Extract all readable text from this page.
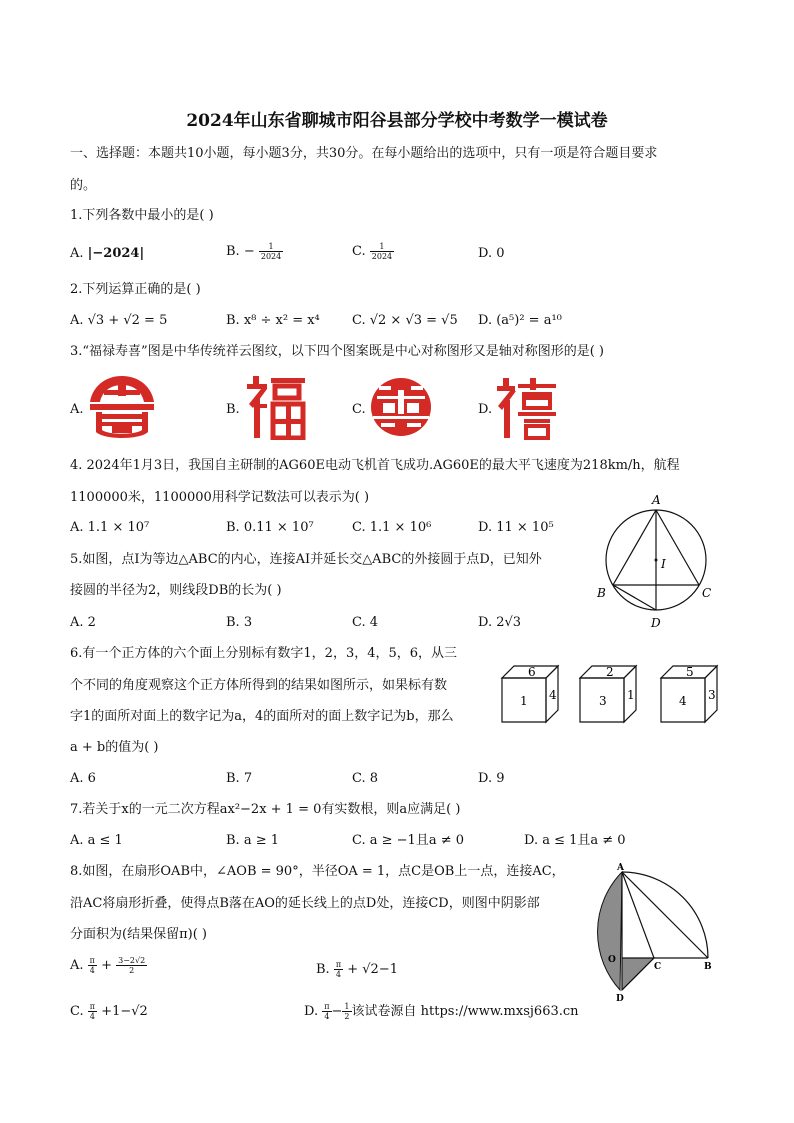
2024年山东省聊城市阳谷县部分学校中考数学一模试卷
一、选择题：本题共10小题，每小题3分，共30分。在每小题给出的选项中，只有一项是符合题目要求
的。
1.下列各数中最小的是( )
A. |−2024|	B. − $\frac{1}{2024}$	C. $\frac{1}{2024}$	D. 0
2.下列运算正确的是( )
A. √3 + √2 = 5	B. x⁸ ÷ x² = x⁴ C. √2 × √3 = √5 D. (a⁵)² = a¹⁰
3.“福禄寿喜”图是中华传统祥云图纹，以下四个图案既是中心对称图形又是轴对称图形的是( )
A.	B.	C.	D.
4. 2024年1月3日，我国自主研制的AG60E电动飞机首飞成功.AG60E的最大平飞速度为218km/h，航程
1100000米，1100000用科学记数法可以表示为( )
A. 1.1 × 10⁷	B. 0.11 × 10⁷	C. 1.1 × 10⁶	D. 11 × 10⁵
5.如图，点I为等边△ABC的内心，连接AI并延长交△ABC的外接圆于点D，已知外
接圆的半径为2，则线段DB的长为( )
A. 2	B. 3	C. 4	D. 2√3
A
I
B	C
D
6.有一个正方体的六个面上分别标有数字1，2，3，4，5，6，从三
个不同的角度观察这个正方体所得到的结果如图所示，如果标有数
字1的面所对面上的数字记为a，4的面所对的面上数字记为b，那么
a + b的值为( )
A. 6	B. 7	C. 8	D. 9
6
1 4
2
3 1
5
4 3
7.若关于x的一元二次方程ax²−2x + 1 = 0有实数根，则a应满足( )
A. a ≤ 1	B. a ≥ 1	C. a ≥ −1且a ≠ 0	D. a ≤ 1且a ≠ 0
8.如图，在扇形OAB中，∠AOB = 90°，半径OA = 1，点C是OB上一点，连接AC，
沿AC将扇形折叠，使得点B落在AO的延长线上的点D处，连接CD，则图中阴影部
分面积为(结果保留π)( )
A. $\frac{\pi}{4} + \frac{3-2√2}{2}$	B. $\frac{\pi}{4} + √2-1$
C. $\frac{\pi}{4} +1-√2$	D. $\frac{\pi}{4} - \frac{1}{2}$ 该试卷源自 https://www.mxsj663.cn
A
O
C	B
D
